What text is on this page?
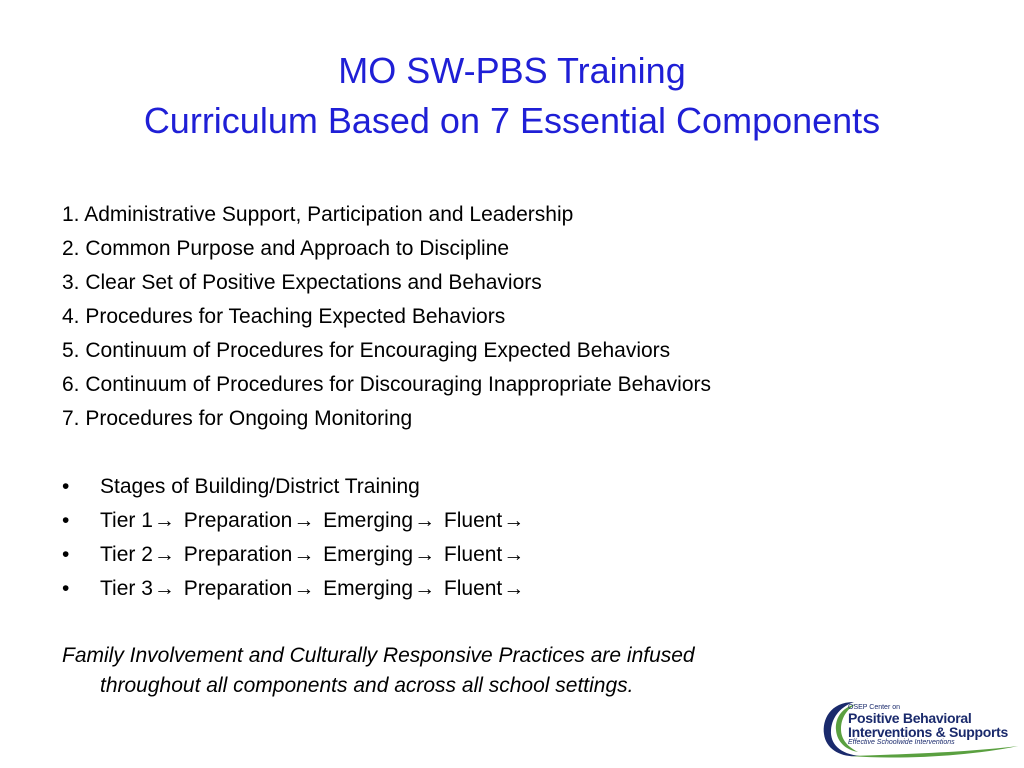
MO SW-PBS Training
Curriculum Based on 7 Essential Components
1. Administrative Support, Participation and Leadership
2. Common Purpose and Approach to Discipline
3. Clear Set of Positive Expectations and Behaviors
4. Procedures for Teaching Expected Behaviors
5. Continuum of Procedures for Encouraging Expected Behaviors
6. Continuum of Procedures for Discouraging Inappropriate Behaviors
7. Procedures for Ongoing Monitoring
• Stages of Building/District Training
• Tier 1→ Preparation→ Emerging→ Fluent→
• Tier 2→ Preparation→ Emerging→ Fluent→
• Tier 3→ Preparation→ Emerging→ Fluent→
Family Involvement and Culturally Responsive Practices are infused
throughout all components and across all school settings.
OSEP Center on
Positive Behavioral
Interventions & Supports
Effective Schoolwide Interventions
